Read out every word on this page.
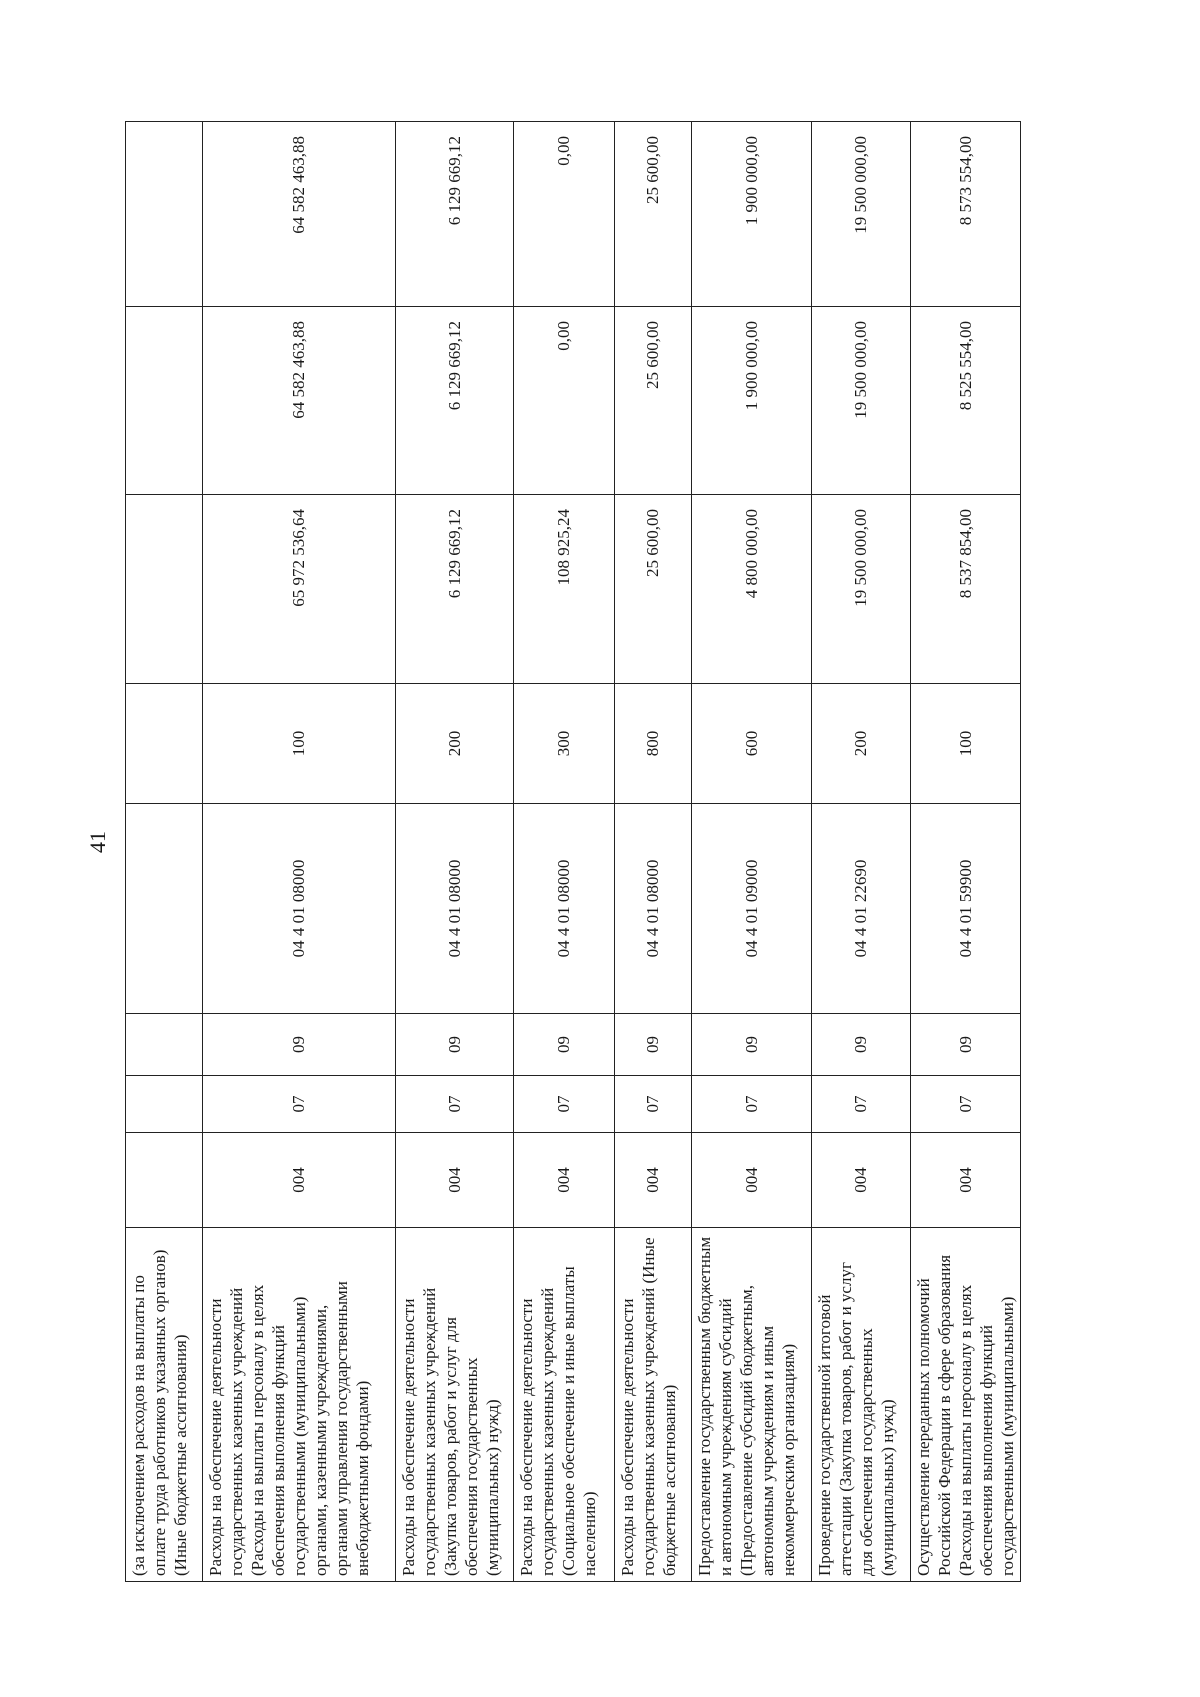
41
(за исключением расходов на выплаты по оплате труда работников указанных органов) (Иные бюджетные ассигнования)								
Расходы на обеспечение деятельности государственных казенных учреждений (Расходы на выплаты персоналу в целях обеспечения выполнения функций государственными (муниципальными) органами, казенными учреждениями, органами управления государственными внебюджетными фондами)	004	07	09	04 4 01 08000	100	65 972 536,64	64 582 463,88	64 582 463,88
Расходы на обеспечение деятельности государственных казенных учреждений (Закупка товаров, работ и услуг для обеспечения государственных (муниципальных) нужд)	004	07	09	04 4 01 08000	200	6 129 669,12	6 129 669,12	6 129 669,12
Расходы на обеспечение деятельности государственных казенных учреждений (Социальное обеспечение и иные выплаты населению)	004	07	09	04 4 01 08000	300	108 925,24	0,00	0,00
Расходы на обеспечение деятельности государственных казенных учреждений (Иные бюджетные ассигнования)	004	07	09	04 4 01 08000	800	25 600,00	25 600,00	25 600,00
Предоставление государственным бюджетным и автономным учреждениям субсидий (Предоставление субсидий бюджетным, автономным учреждениям и иным некоммерческим организациям)	004	07	09	04 4 01 09000	600	4 800 000,00	1 900 000,00	1 900 000,00
Проведение государственной итоговой аттестации (Закупка товаров, работ и услуг для обеспечения государственных (муниципальных) нужд)	004	07	09	04 4 01 22690	200	19 500 000,00	19 500 000,00	19 500 000,00
Осуществление переданных полномочий Российской Федерации в сфере образования (Расходы на выплаты персоналу в целях обеспечения выполнения функций государственными (муниципальными)	004	07	09	04 4 01 59900	100	8 537 854,00	8 525 554,00	8 573 554,00
